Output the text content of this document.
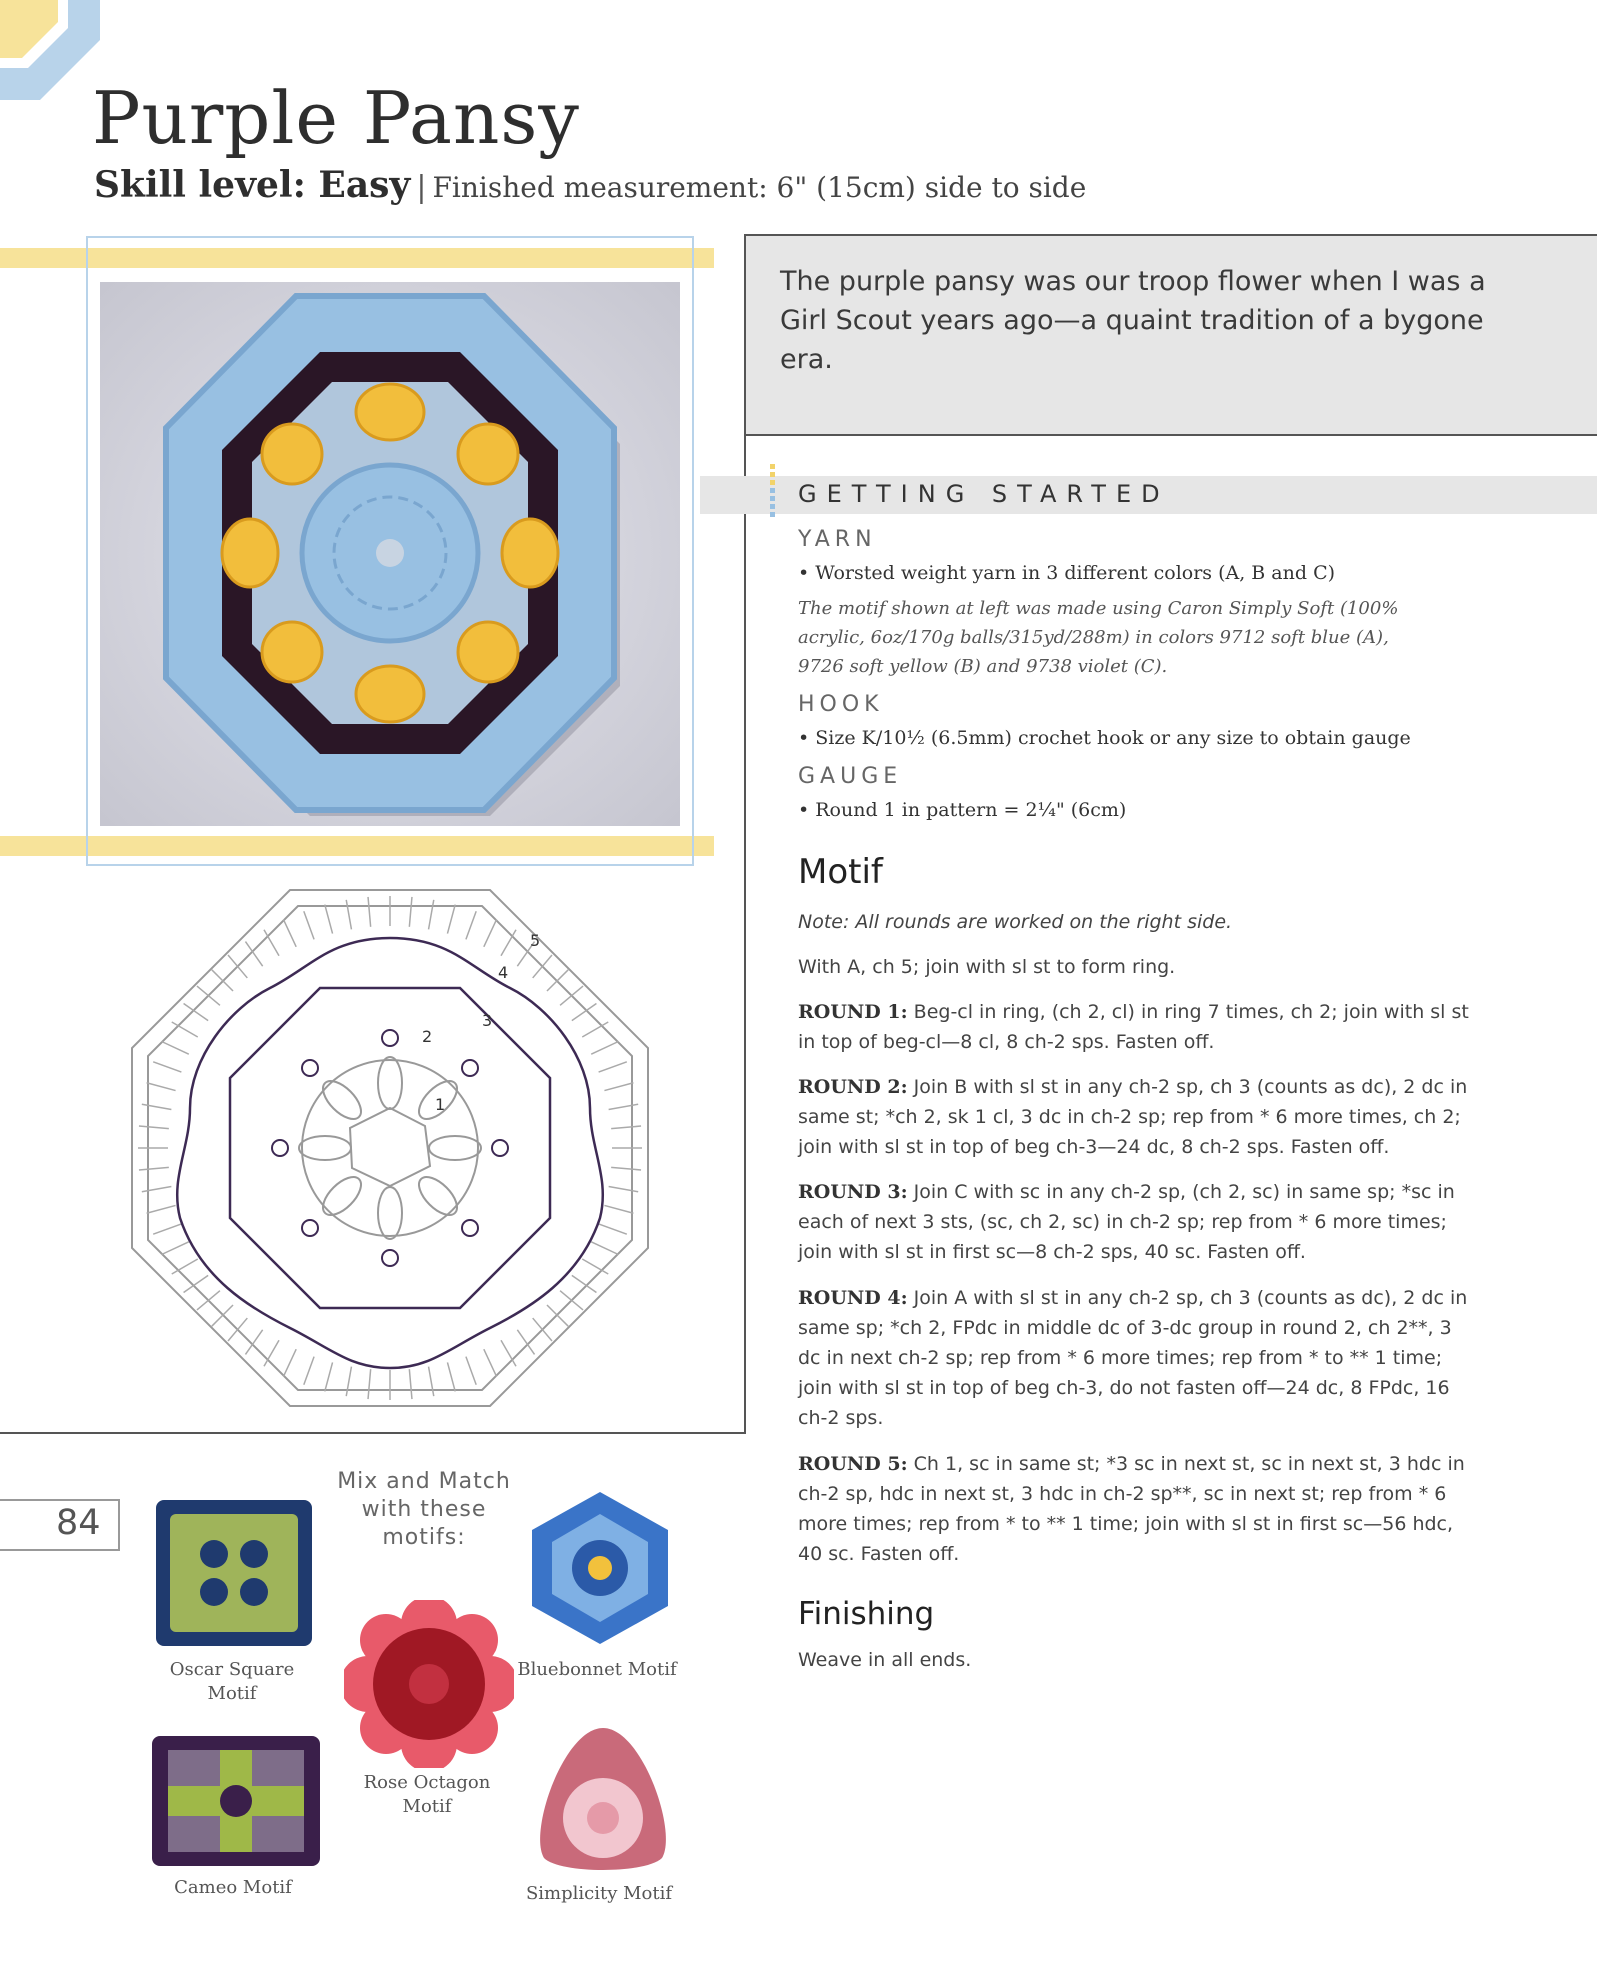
Purple Pansy
Skill level: Easy | Finished measurement: 6" (15cm) side to side
The purple pansy was our troop flower when I was a Girl Scout years ago—a quaint tradition of a bygone era.
1
2
3
4
5
GETTING STARTED
YARN
• Worsted weight yarn in 3 different colors (A, B and C)
The motif shown at left was made using Caron Simply Soft (100% acrylic, 6oz/170g balls/315yd/288m) in colors 9712 soft blue (A), 9726 soft yellow (B) and 9738 violet (C).
HOOK
• Size K/10½ (6.5mm) crochet hook or any size to obtain gauge
GAUGE
• Round 1 in pattern = 2¼" (6cm)
Motif
Note: All rounds are worked on the right side.
With A, ch 5; join with sl st to form ring.
ROUND 1: Beg-cl in ring, (ch 2, cl) in ring 7 times, ch 2; join with sl st in top of beg-cl—8 cl, 8 ch-2 sps. Fasten off.
ROUND 2: Join B with sl st in any ch-2 sp, ch 3 (counts as dc), 2 dc in same st; *ch 2, sk 1 cl, 3 dc in ch-2 sp; rep from * 6 more times, ch 2; join with sl st in top of beg ch-3—24 dc, 8 ch-2 sps. Fasten off.
ROUND 3: Join C with sc in any ch-2 sp, (ch 2, sc) in same sp; *sc in each of next 3 sts, (sc, ch 2, sc) in ch-2 sp; rep from * 6 more times; join with sl st in first sc—8 ch-2 sps, 40 sc. Fasten off.
ROUND 4: Join A with sl st in any ch-2 sp, ch 3 (counts as dc), 2 dc in same sp; *ch 2, FPdc in middle dc of 3-dc group in round 2, ch 2**, 3 dc in next ch-2 sp; rep from * 6 more times; rep from * to ** 1 time; join with sl st in top of beg ch-3, do not fasten off—24 dc, 8 FPdc, 16 ch-2 sps.
ROUND 5: Ch 1, sc in same st; *3 sc in next st, sc in next st, 3 hdc in ch-2 sp, hdc in next st, 3 hdc in ch-2 sp**, sc in next st; rep from * 6 more times; rep from * to ** 1 time; join with sl st in first sc—56 hdc, 40 sc. Fasten off.
Finishing
Weave in all ends.
84
Mix and Match with these motifs:
Oscar Square Motif
Bluebonnet Motif
Rose Octagon Motif
Cameo Motif	Simplicity Motif
